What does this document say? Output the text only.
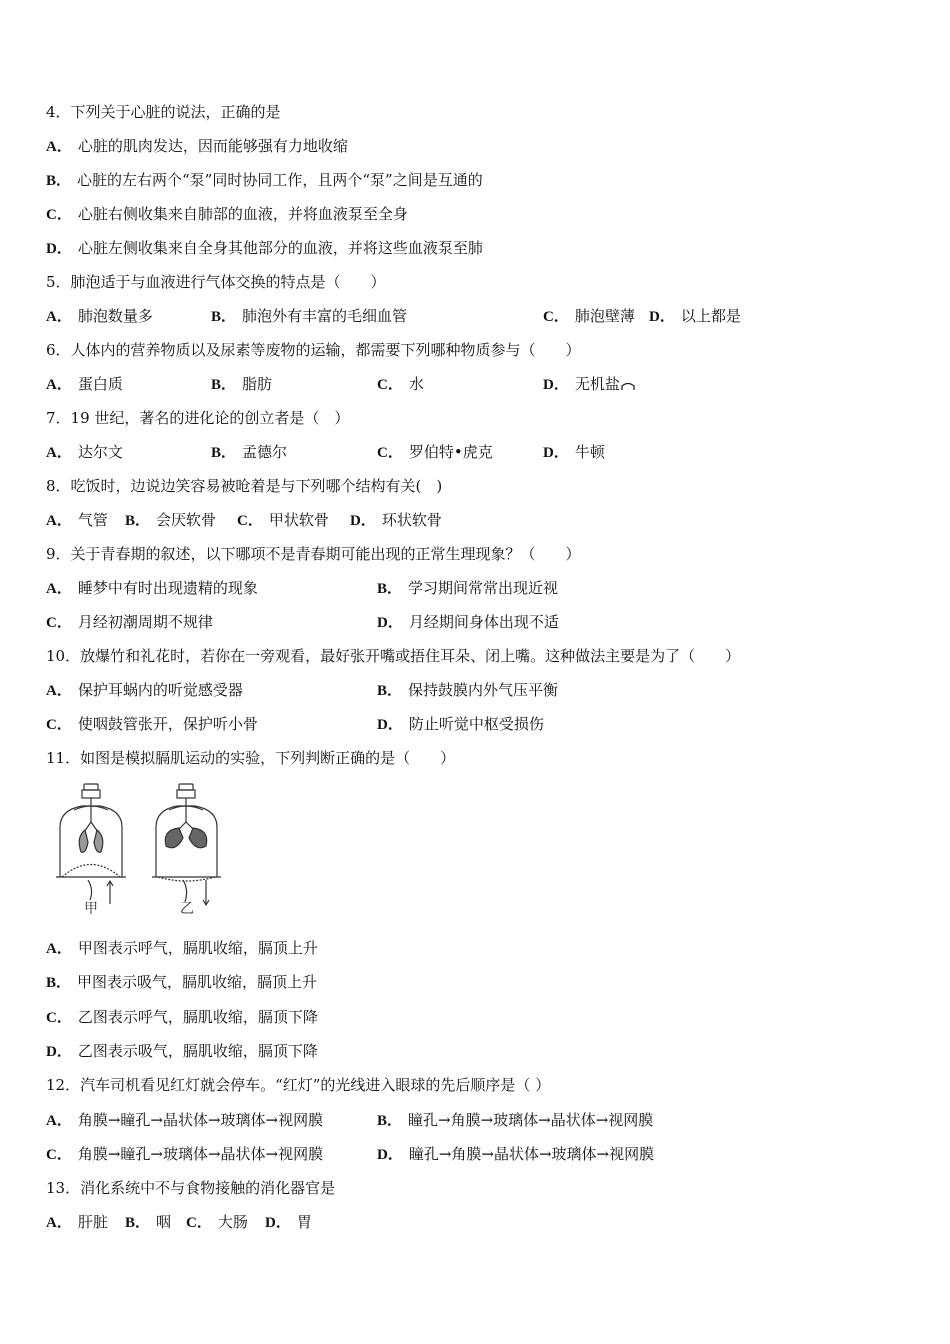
4．下列关于心脏的说法，正确的是
A． 心脏的肌肉发达，因而能够强有力地收缩
B． 心脏的左右两个“泵”同时协同工作，且两个“泵”之间是互通的
C． 心脏右侧收集来自肺部的血液，并将血液泵至全身
D． 心脏左侧收集来自全身其他部分的血液，并将这些血液泵至肺
5．肺泡适于与血液进行气体交换的特点是（　　）
A． 肺泡数量多	B． 肺泡外有丰富的毛细血管	C． 肺泡壁薄 D． 以上都是
6．人体内的营养物质以及尿素等废物的运输，都需要下列哪种物质参与（　　）
A． 蛋白质	B． 脂肪	C． 水	D． 无机盐
7．19 世纪，著名的进化论的创立者是（　）
A． 达尔文	B． 孟德尔	C． 罗伯特•虎克	D． 牛顿
8．吃饭时，边说边笑容易被呛着是与下列哪个结构有关(　)
A． 气管 B． 会厌软骨 C． 甲状软骨 D． 环状软骨
9．关于青春期的叙述，以下哪项不是青春期可能出现的正常生理现象？（　　）
A． 睡梦中有时出现遗精的现象	B． 学习期间常常出现近视
C． 月经初潮周期不规律	D． 月经期间身体出现不适
10．放爆竹和礼花时，若你在一旁观看，最好张开嘴或捂住耳朵、闭上嘴。这种做法主要是为了（　　）
A． 保护耳蜗内的听觉感受器	B． 保持鼓膜内外气压平衡
C． 使咽鼓管张开，保护听小骨	D． 防止听觉中枢受损伤
11．如图是模拟膈肌运动的实验，下列判断正确的是（　　）
甲	乙
A． 甲图表示呼气，膈肌收缩，膈顶上升
B． 甲图表示吸气，膈肌收缩，膈顶上升
C． 乙图表示呼气，膈肌收缩，膈顶下降
D． 乙图表示吸气，膈肌收缩，膈顶下降
12．汽车司机看见红灯就会停车。“红灯”的光线进入眼球的先后顺序是（ ）
A． 角膜→瞳孔→晶状体→玻璃体→视网膜	B． 瞳孔→角膜→玻璃体→晶状体→视网膜
C． 角膜→瞳孔→玻璃体→晶状体→视网膜	D． 瞳孔→角膜→晶状体→玻璃体→视网膜
13．消化系统中不与食物接触的消化器官是
A． 肝脏 B． 咽 C． 大肠 D． 胃
